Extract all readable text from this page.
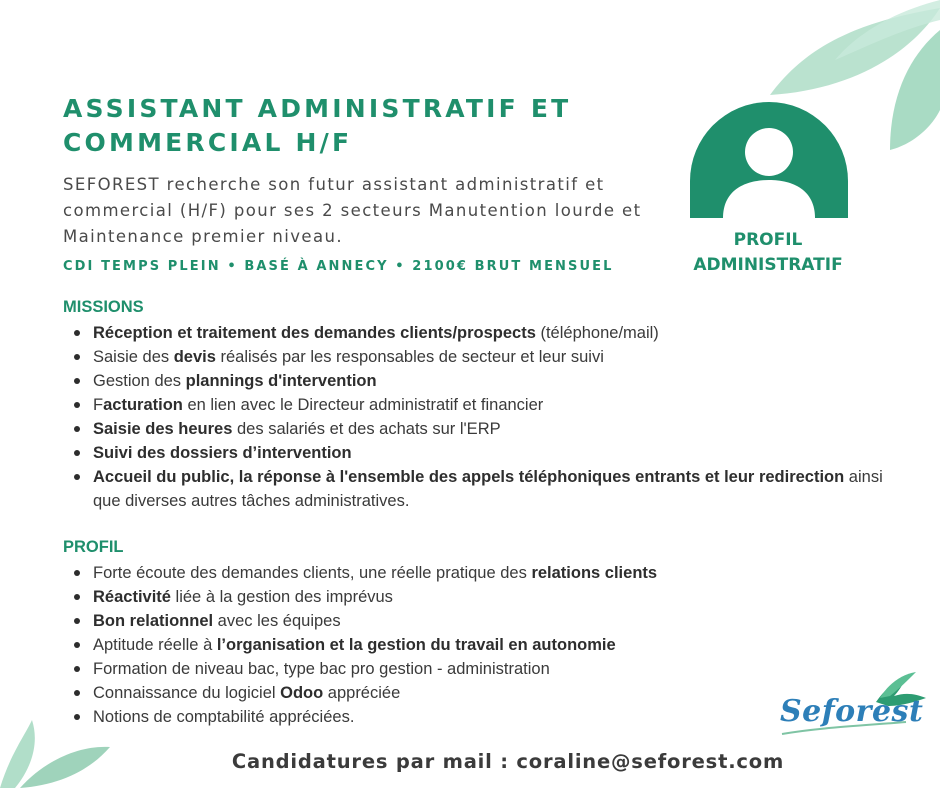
ASSISTANT ADMINISTRATIF ET COMMERCIAL H/F

SEFOREST recherche son futur assistant administratif et commercial (H/F) pour ses 2 secteurs Manutention lourde et Maintenance premier niveau.

CDI TEMPS PLEIN • BASÉ À ANNECY • 2100€ BRUT MENSUEL

PROFIL
ADMINISTRATIF
MISSIONS
Réception et traitement des demandes clients/prospects (téléphone/mail)
Saisie des devis réalisés par les responsables de secteur et leur suivi
Gestion des plannings d'intervention
Facturation en lien avec le Directeur administratif et financier
Saisie des heures des salariés et des achats sur l'ERP
Suivi des dossiers d’intervention
Accueil du public, la réponse à l'ensemble des appels téléphoniques entrants et leur redirection ainsi que diverses autres tâches administratives.
PROFIL
Forte écoute des demandes clients, une réelle pratique des relations clients
Réactivité liée à la gestion des imprévus
Bon relationnel avec les équipes
Aptitude réelle à l’organisation et la gestion du travail en autonomie
Formation de niveau bac, type bac pro gestion - administration
Connaissance du logiciel Odoo appréciée
Notions de comptabilité appréciées.

Candidatures par mail : coraline@seforest.com

Seforest
